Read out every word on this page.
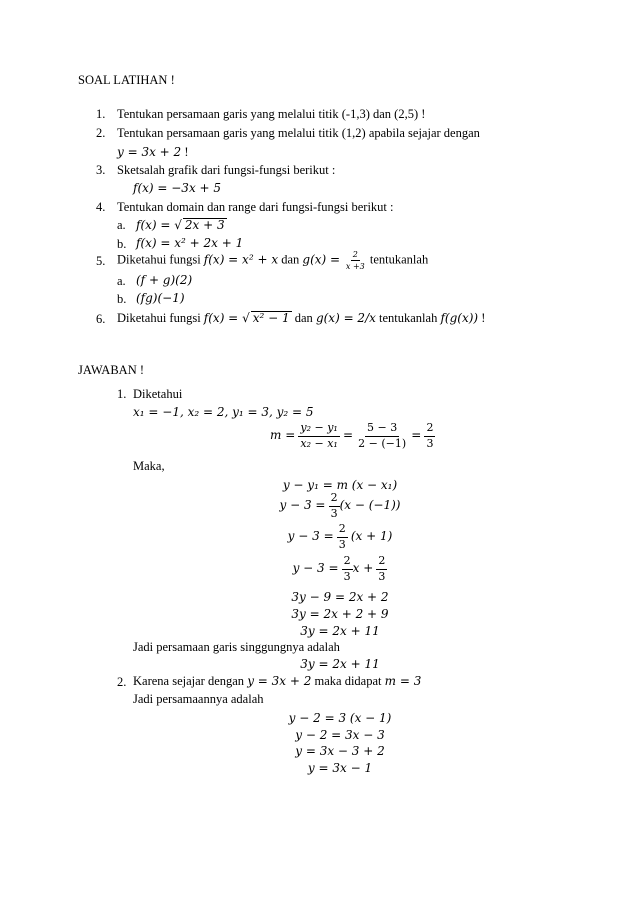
SOAL LATIHAN !
1. Tentukan persamaan garis yang melalui titik (-1,3) dan (2,5) !
2. Tentukan persamaan garis yang melalui titik (1,2) apabila sejajar dengan
y = 3x + 2 !
3. Sketsalah grafik dari fungsi-fungsi berikut :
f(x) = −3x + 5
4. Tentukan domain dan range dari fungsi-fungsi berikut :
a. f(x) = √ 2x + 3
b. f(x) = x² + 2x + 1
5. Diketahui fungsi f(x) = x² + x dan $g(x) = \frac{2}{x +3}$ tentukanlah
a. (f + g)(2)
b. (fg)(−1)
6. Diketahui fungsi f(x) = √ x² − 1 dan g(x) = 2/x tentukanlah f(g(x)) !
JAWABAN !
1. Diketahui
x₁ = −1, x₂ = 2, y₁ = 3, y₂ = 5
$m = \frac{\text{y₂ − y₁}}{\text{x₂ − x₁}} = \frac{5 - 3}{2 - (-1)} = \frac{2}{3}$
Maka,
y − y₁ = m (x − x₁)
$y - 3 = \frac{2}{3} (x - (-1))$
$y - 3 = \frac{2}{3} (x + 1)$
$y - 3 = \frac{2}{3}$ $x + \frac{2}{3}$
3y − 9 = 2x + 2
3y = 2x + 2 + 9
3y = 2x + 11
Jadi persamaan garis singgungnya adalah
3y = 2x + 11
2. Karena sejajar dengan y = 3x + 2 maka didapat m = 3
Jadi persamaannya adalah
y − 2 = 3 (x − 1)
y − 2 = 3x − 3
y = 3x − 3 + 2
y = 3x − 1
